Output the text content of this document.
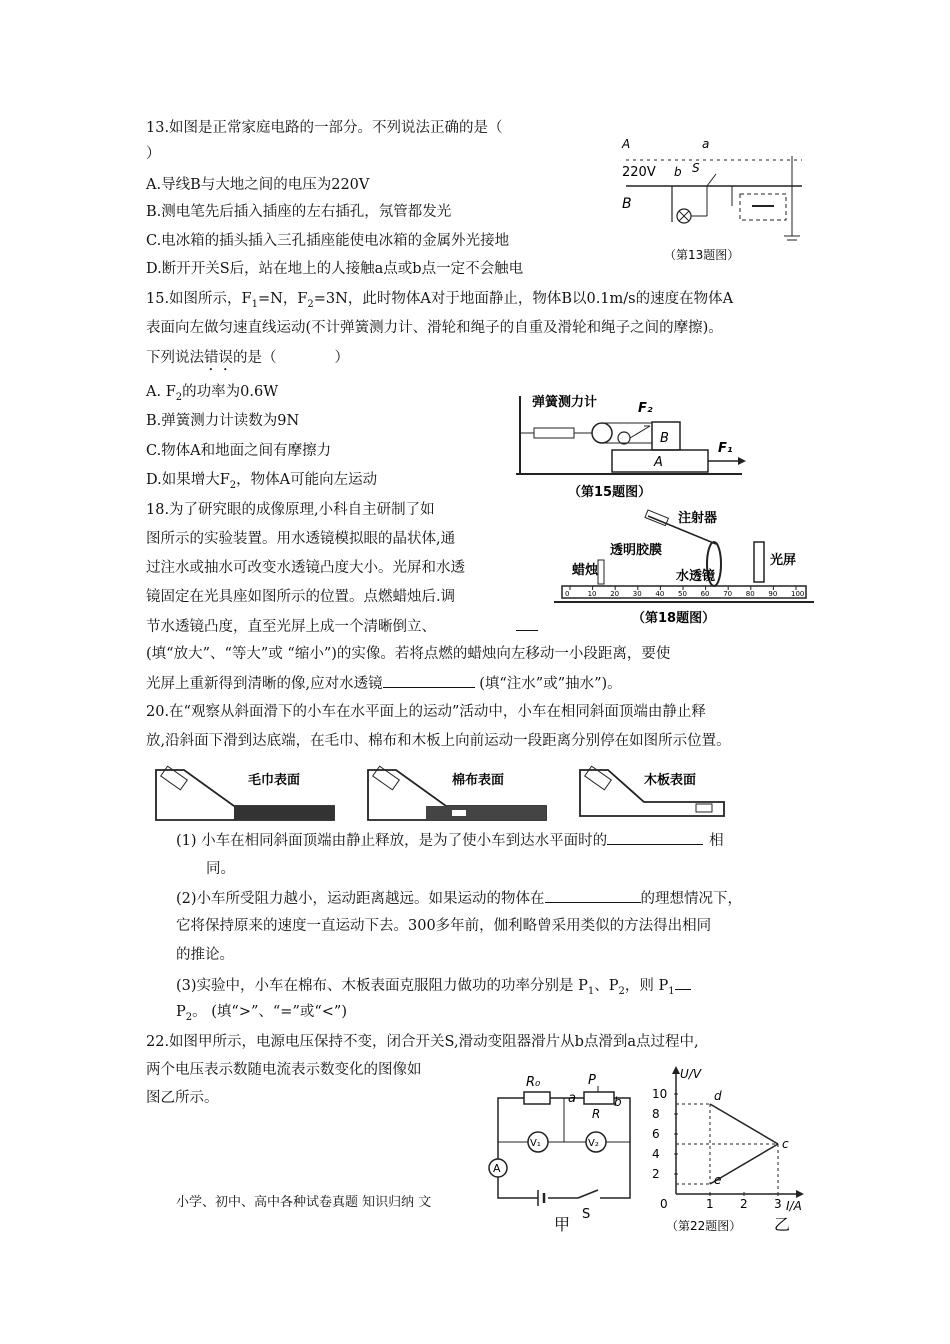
13.如图是正常家庭电路的一部分。不列说法正确的是（
）
A.导线B与大地之间的电压为220V
B.测电笔先后插入插座的左右插孔，氖管都发光
C.电冰箱的插头插入三孔插座能使电冰箱的金属外光接地
D.断开开关S后，站在地上的人接触a点或b点一定不会触电
A
220V b
a
S
B
（第13题图）
15.如图所示，$F_1=N$，$F_2=3N$，此时物体A对于地面静止，物体B以0.1m/s的速度在物体A
表面向左做匀速直线运动(不计弹簧测力计、滑轮和绳子的自重及滑轮和绳子之间的摩擦)。
下列说法错误的是（　　　　）
A. $F_2$的功率为0.6W
B.弹簧测力计读数为9N
C.物体A和地面之间有摩擦力
D.如果增大$F_2$，物体A可能向左运动
弹簧测力计	F₂
B
A
F₁
（第15题图）
18.为了研究眼的成像原理,小科自主研制了如
图所示的实验装置。用水透镜模拟眼的晶状体,通
过注水或抽水可改变水透镜凸度大小。光屏和水透
镜固定在光具座如图所示的位置。点燃蜡烛后.调
节水透镜凸度，直至光屏上成一个清晰倒立、
(填“放大”、“等大”或 “缩小”)的实像。若将点燃的蜡烛向左移动一小段距离，要使
光屏上重新得到清晰的像,应对水透镜	(填“注水”或”抽水”)。
注射器
透明胶膜
蜡烛	水透镜
光屏
0	10 20 30 40 50 60 70 80 90 100
（第18题图）
20.在“观察从斜面滑下的小车在水平面上的运动”活动中，小车在相同斜面顶端由静止释
放,沿斜面下滑到达底端，在毛巾、棉布和木板上向前运动一段距离分别停在如图所示位置。
毛巾表面	棉布表面	木板表面
(1) 小车在相同斜面顶端由静止释放，是为了使小车到达水平面时的	相
同。
(2)小车所受阻力越小，运动距离越远。如果运动的物体在	的理想情况下，
它将保持原来的速度一直运动下去。300多年前，伽利略曾采用类似的方法得出相同
的推论。
(3)实验中，小车在棉布、木板表面克服阻力做功的功率分别是 $P_1$、$P_2$，则 $P_1$
$P_2$。 (填“>”、“=”或“<”)
22.如图甲所示，电源电压保持不变，闭合开关S,滑动变阻器滑片从b点滑到a点过程中,
两个电压表示数随电流表示数变化的图像如
图乙所示。
小学、初中、高中各种试卷真题 知识归纳 文
R₀
a
P
b
R
V₁	V₂
A
S
甲
U/V
I/A
0
10
8
6
4
2
1 2 3
d
c
e
（第22题图） 乙
